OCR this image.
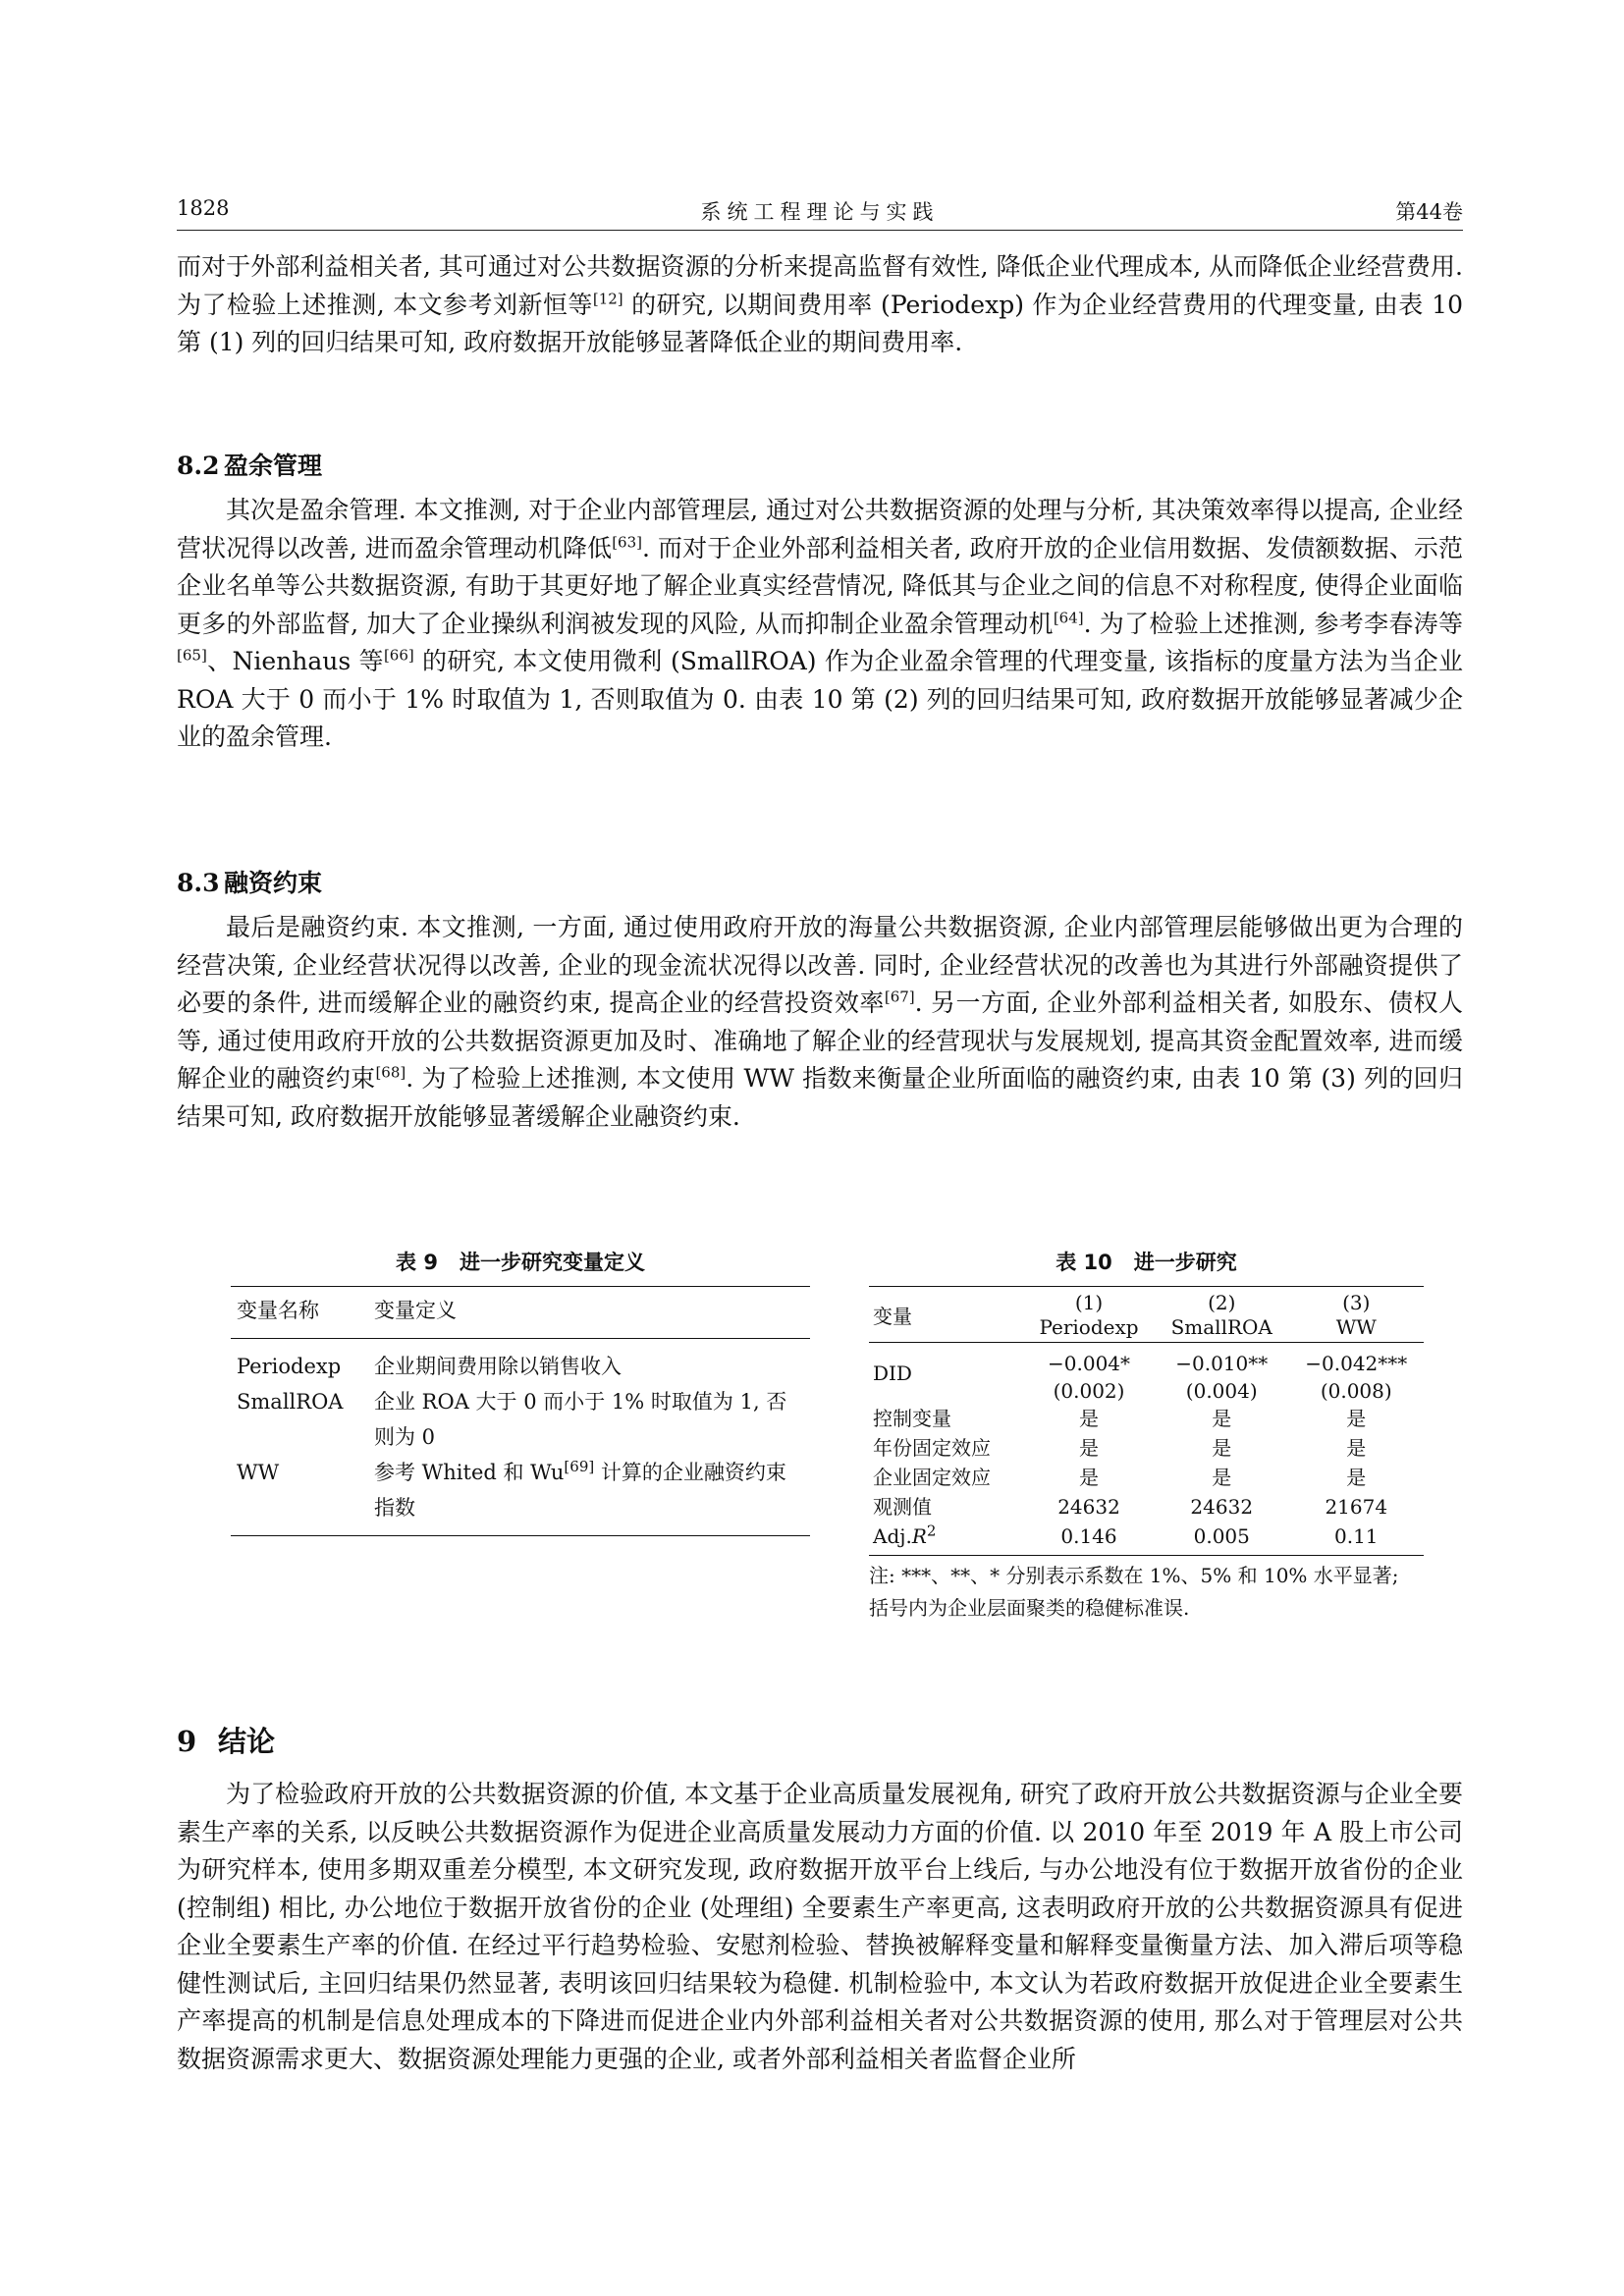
1828	系统工程理论与实践	第44卷

而对于外部利益相关者, 其可通过对公共数据资源的分析来提高监督有效性, 降低企业代理成本, 从而降低企业经营费用. 为了检验上述推测, 本文参考刘新恒等[12] 的研究, 以期间费用率 (Periodexp) 作为企业经营费用的代理变量, 由表 10 第 (1) 列的回归结果可知, 政府数据开放能够显著降低企业的期间费用率.

8.2 盈余管理

其次是盈余管理. 本文推测, 对于企业内部管理层, 通过对公共数据资源的处理与分析, 其决策效率得以提高, 企业经营状况得以改善, 进而盈余管理动机降低[63]. 而对于企业外部利益相关者, 政府开放的企业信用数据、发债额数据、示范企业名单等公共数据资源, 有助于其更好地了解企业真实经营情况, 降低其与企业之间的信息不对称程度, 使得企业面临更多的外部监督, 加大了企业操纵利润被发现的风险, 从而抑制企业盈余管理动机[64]. 为了检验上述推测, 参考李春涛等[65]、Nienhaus 等[66] 的研究, 本文使用微利 (SmallROA) 作为企业盈余管理的代理变量, 该指标的度量方法为当企业 ROA 大于 0 而小于 1% 时取值为 1, 否则取值为 0. 由表 10 第 (2) 列的回归结果可知, 政府数据开放能够显著减少企业的盈余管理.

8.3 融资约束

最后是融资约束. 本文推测, 一方面, 通过使用政府开放的海量公共数据资源, 企业内部管理层能够做出更为合理的经营决策, 企业经营状况得以改善, 企业的现金流状况得以改善. 同时, 企业经营状况的改善也为其进行外部融资提供了必要的条件, 进而缓解企业的融资约束, 提高企业的经营投资效率[67]. 另一方面, 企业外部利益相关者, 如股东、债权人等, 通过使用政府开放的公共数据资源更加及时、准确地了解企业的经营现状与发展规划, 提高其资金配置效率, 进而缓解企业的融资约束[68]. 为了检验上述推测, 本文使用 WW 指数来衡量企业所面临的融资约束, 由表 10 第 (3) 列的回归结果可知, 政府数据开放能够显著缓解企业融资约束.

表 9 进一步研究变量定义
变量名称	变量定义
Periodexp	企业期间费用除以销售收入
SmallROA	企业 ROA 大于 0 而小于 1% 时取值为 1, 否则为 0
WW	参考 Whited 和 Wu[69] 计算的企业融资约束指数
表 10 进一步研究
变量	(1)	(2)	(3)
	Periodexp	SmallROA	WW
DID	−0.004*	−0.010**	−0.042***
	(0.002)	(0.004)	(0.008)
控制变量	是	是	是
年份固定效应	是	是	是
企业固定效应	是	是	是
观测值	24632	24632	21674
$Adj.R^2$	0.146	0.005	0.11
注: ***、**、* 分别表示系数在 1%、5% 和 10% 水平显著; 括号内为企业层面聚类的稳健标准误.
9 结论

为了检验政府开放的公共数据资源的价值, 本文基于企业高质量发展视角, 研究了政府开放公共数据资源与企业全要素生产率的关系, 以反映公共数据资源作为促进企业高质量发展动力方面的价值. 以 2010 年至 2019 年 A 股上市公司为研究样本, 使用多期双重差分模型, 本文研究发现, 政府数据开放平台上线后, 与办公地没有位于数据开放省份的企业 (控制组) 相比, 办公地位于数据开放省份的企业 (处理组) 全要素生产率更高, 这表明政府开放的公共数据资源具有促进企业全要素生产率的价值. 在经过平行趋势检验、安慰剂检验、替换被解释变量和解释变量衡量方法、加入滞后项等稳健性测试后, 主回归结果仍然显著, 表明该回归结果较为稳健. 机制检验中, 本文认为若政府数据开放促进企业全要素生产率提高的机制是信息处理成本的下降进而促进企业内外部利益相关者对公共数据资源的使用, 那么对于管理层对公共数据资源需求更大、数据资源处理能力更强的企业, 或者外部利益相关者监督企业所
